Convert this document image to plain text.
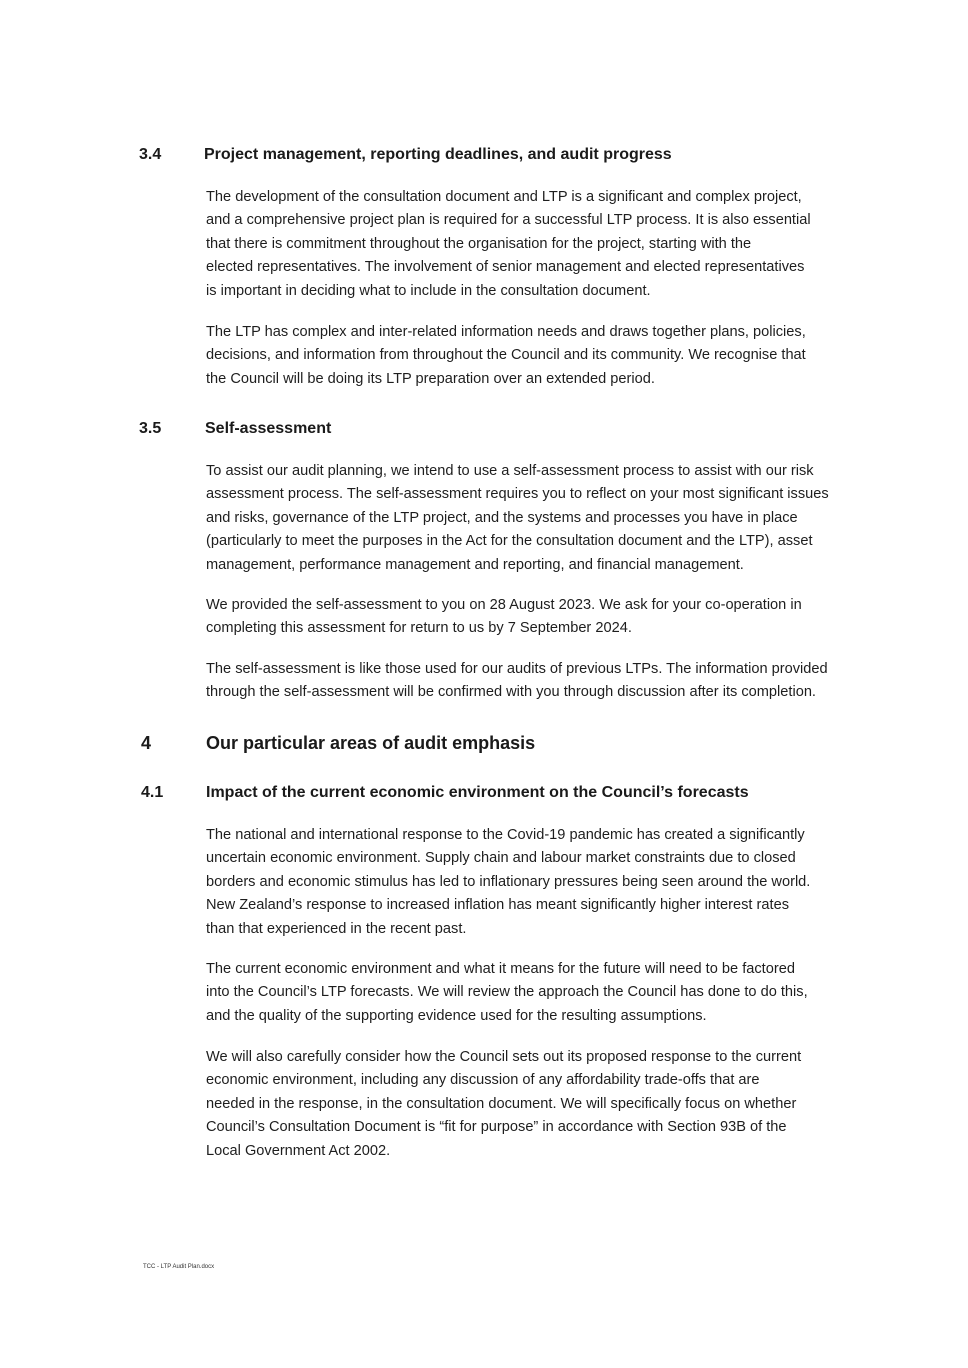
3.4	Project management, reporting deadlines, and audit progress
The development of the consultation document and LTP is a significant and complex project,
and a comprehensive project plan is required for a successful LTP process. It is also essential
that there is commitment throughout the organisation for the project, starting with the
elected representatives. The involvement of senior management and elected representatives
is important in deciding what to include in the consultation document.
The LTP has complex and inter-related information needs and draws together plans, policies,
decisions, and information from throughout the Council and its community. We recognise that
the Council will be doing its LTP preparation over an extended period.
3.5	Self-assessment
To assist our audit planning, we intend to use a self-assessment process to assist with our risk
assessment process. The self-assessment requires you to reflect on your most significant issues
and risks, governance of the LTP project, and the systems and processes you have in place
(particularly to meet the purposes in the Act for the consultation document and the LTP), asset
management, performance management and reporting, and financial management.
We provided the self-assessment to you on 28 August 2023. We ask for your co-operation in
completing this assessment for return to us by 7 September 2024.
The self-assessment is like those used for our audits of previous LTPs. The information provided
through the self-assessment will be confirmed with you through discussion after its completion.
4	Our particular areas of audit emphasis
4.1	Impact of the current economic environment on the Council’s forecasts
The national and international response to the Covid-19 pandemic has created a significantly
uncertain economic environment. Supply chain and labour market constraints due to closed
borders and economic stimulus has led to inflationary pressures being seen around the world.
New Zealand’s response to increased inflation has meant significantly higher interest rates
than that experienced in the recent past.
The current economic environment and what it means for the future will need to be factored
into the Council’s LTP forecasts. We will review the approach the Council has done to do this,
and the quality of the supporting evidence used for the resulting assumptions.
We will also carefully consider how the Council sets out its proposed response to the current
economic environment, including any discussion of any affordability trade-offs that are
needed in the response, in the consultation document. We will specifically focus on whether
Council’s Consultation Document is “fit for purpose” in accordance with Section 93B of the
Local Government Act 2002.
TCC - LTP Audit Plan.docx
